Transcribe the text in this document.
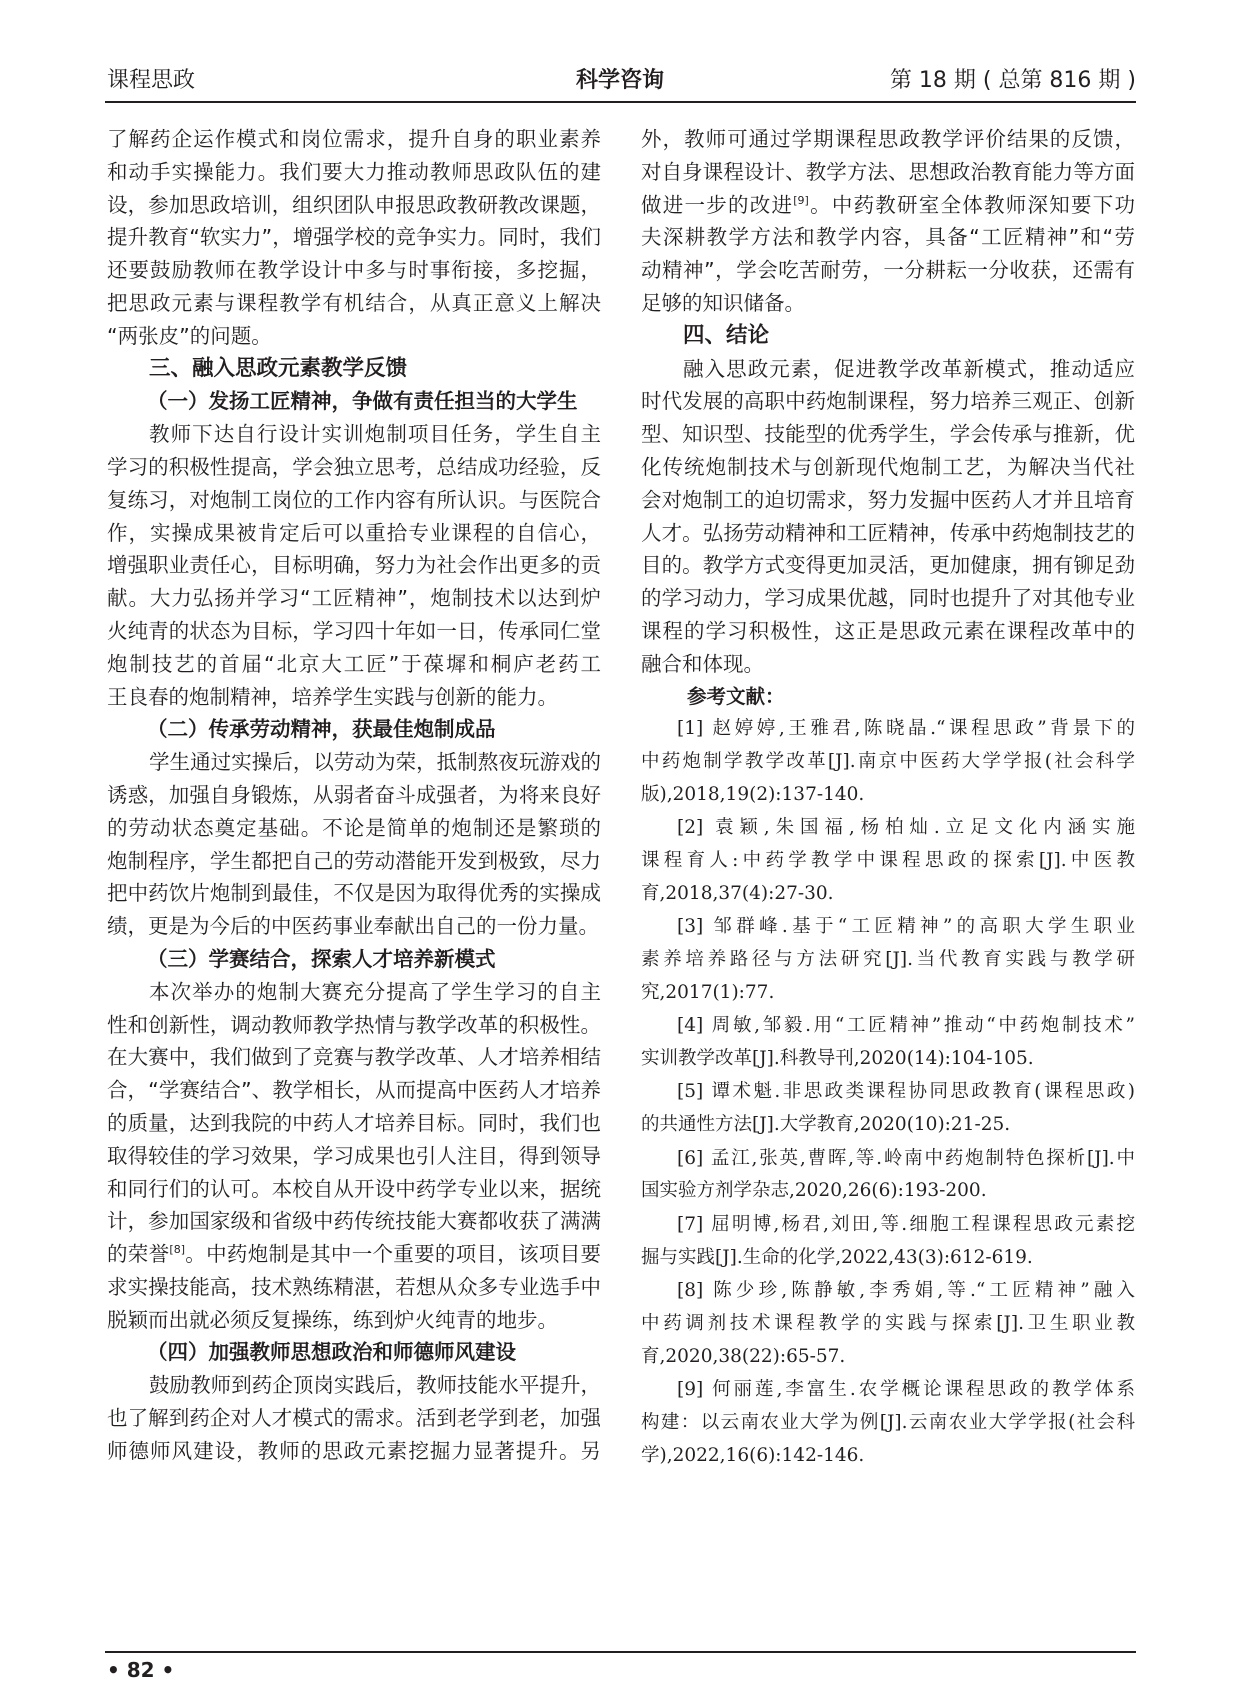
课程思政	科学咨询	第 18 期 ( 总第 816 期 )
了解药企运作模式和岗位需求，提升自身的职业素养
和动手实操能力。我们要大力推动教师思政队伍的建
设，参加思政培训，组织团队申报思政教研教改课题，
提升教育“软实力”，增强学校的竞争实力。同时，我们
还要鼓励教师在教学设计中多与时事衔接，多挖掘，
把思政元素与课程教学有机结合，从真正意义上解决
“两张皮”的问题。
三、融入思政元素教学反馈
（一）发扬工匠精神，争做有责任担当的大学生
教师下达自行设计实训炮制项目任务，学生自主
学习的积极性提高，学会独立思考，总结成功经验，反
复练习，对炮制工岗位的工作内容有所认识。与医院合
作，实操成果被肯定后可以重拾专业课程的自信心，
增强职业责任心，目标明确，努力为社会作出更多的贡
献。大力弘扬并学习“工匠精神”，炮制技术以达到炉
火纯青的状态为目标，学习四十年如一日，传承同仁堂
炮制技艺的首届“北京大工匠”于葆墀和桐庐老药工
王良春的炮制精神，培养学生实践与创新的能力。
（二）传承劳动精神，获最佳炮制成品
学生通过实操后，以劳动为荣，抵制熬夜玩游戏的
诱惑，加强自身锻炼，从弱者奋斗成强者，为将来良好
的劳动状态奠定基础。不论是简单的炮制还是繁琐的
炮制程序，学生都把自己的劳动潜能开发到极致，尽力
把中药饮片炮制到最佳，不仅是因为取得优秀的实操成
绩，更是为今后的中医药事业奉献出自己的一份力量。
（三）学赛结合，探索人才培养新模式
本次举办的炮制大赛充分提高了学生学习的自主
性和创新性，调动教师教学热情与教学改革的积极性。
在大赛中，我们做到了竞赛与教学改革、人才培养相结
合，“学赛结合”、教学相长，从而提高中医药人才培养
的质量，达到我院的中药人才培养目标。同时，我们也
取得较佳的学习效果，学习成果也引人注目，得到领导
和同行们的认可。本校自从开设中药学专业以来，据统
计，参加国家级和省级中药传统技能大赛都收获了满满
的荣誉[8]。中药炮制是其中一个重要的项目，该项目要
求实操技能高，技术熟练精湛，若想从众多专业选手中
脱颖而出就必须反复操练，练到炉火纯青的地步。
（四）加强教师思想政治和师德师风建设
鼓励教师到药企顶岗实践后，教师技能水平提升，
也了解到药企对人才模式的需求。活到老学到老，加强
师德师风建设，教师的思政元素挖掘力显著提升。另
外，教师可通过学期课程思政教学评价结果的反馈，
对自身课程设计、教学方法、思想政治教育能力等方面
做进一步的改进[9]。中药教研室全体教师深知要下功
夫深耕教学方法和教学内容，具备“工匠精神”和“劳
动精神”，学会吃苦耐劳，一分耕耘一分收获，还需有
足够的知识储备。
四、结论
融入思政元素，促进教学改革新模式，推动适应
时代发展的高职中药炮制课程，努力培养三观正、创新
型、知识型、技能型的优秀学生，学会传承与推新，优
化传统炮制技术与创新现代炮制工艺，为解决当代社
会对炮制工的迫切需求，努力发掘中医药人才并且培育
人才。弘扬劳动精神和工匠精神，传承中药炮制技艺的
目的。教学方式变得更加灵活，更加健康，拥有铆足劲
的学习动力，学习成果优越，同时也提升了对其他专业
课程的学习积极性，这正是思政元素在课程改革中的
融合和体现。
参考文献：
[1] 赵婷婷,王雅君,陈晓晶.“课程思政”背景下的
中药炮制学教学改革[J].南京中医药大学学报(社会科学
版),2018,19(2):137-140.
[2] 袁颖,朱国福,杨柏灿.立足文化内涵实施
课程育人:中药学教学中课程思政的探索[J].中医教
育,2018,37(4):27-30.
[3] 邹群峰.基于“工匠精神”的高职大学生职业
素养培养路径与方法研究[J].当代教育实践与教学研
究,2017(1):77.
[4] 周敏,邹毅.用“工匠精神”推动“中药炮制技术”
实训教学改革[J].科教导刊,2020(14):104-105.
[5] 谭术魁.非思政类课程协同思政教育(课程思政)
的共通性方法[J].大学教育,2020(10):21-25.
[6] 孟江,张英,曹晖,等.岭南中药炮制特色探析[J].中
国实验方剂学杂志,2020,26(6):193-200.
[7] 屈明博,杨君,刘田,等.细胞工程课程思政元素挖
掘与实践[J].生命的化学,2022,43(3):612-619.
[8] 陈少珍,陈静敏,李秀娟,等.“工匠精神”融入
中药调剂技术课程教学的实践与探索[J].卫生职业教
育,2020,38(22):65-57.
[9] 何丽莲,李富生.农学概论课程思政的教学体系
构建：以云南农业大学为例[J].云南农业大学学报(社会科
学),2022,16(6):142-146.
• 82 •
